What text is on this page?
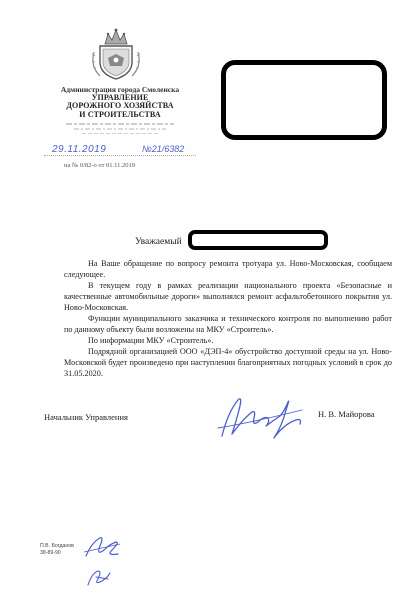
Администрация города Смоленска
УПРАВЛЕНИЕ
ДОРОЖНОГО ХОЗЯЙСТВА
И СТРОИТЕЛЬСТВА
29.11.2019	№21/6382
на № 0/82-о от 01.11.2019
Уважаемый

На Ваше обращение по вопросу ремонта тротуара ул. Ново-Московская, сообщаем следующее.

В текущем году в рамках реализации национального проекта «Безопасные и качественные автомобильные дороги» выполнялся ремонт асфальтобетонного покрытия ул. Ново-Московская.

Функции муниципального заказчика и технического контроля по выполнению работ по данному объекту были возложены на МКУ «Строитель».

По информации МКУ «Строитель».

Подрядной организацией ООО «ДЭП-4» обустройство доступной среды на ул. Ново-Московской будет произведено при наступлении благоприятных погодных условий в срок до 31.05.2020.

Начальник Управления	Н. В. Майорова
П.В. Богданов
38-89-90
